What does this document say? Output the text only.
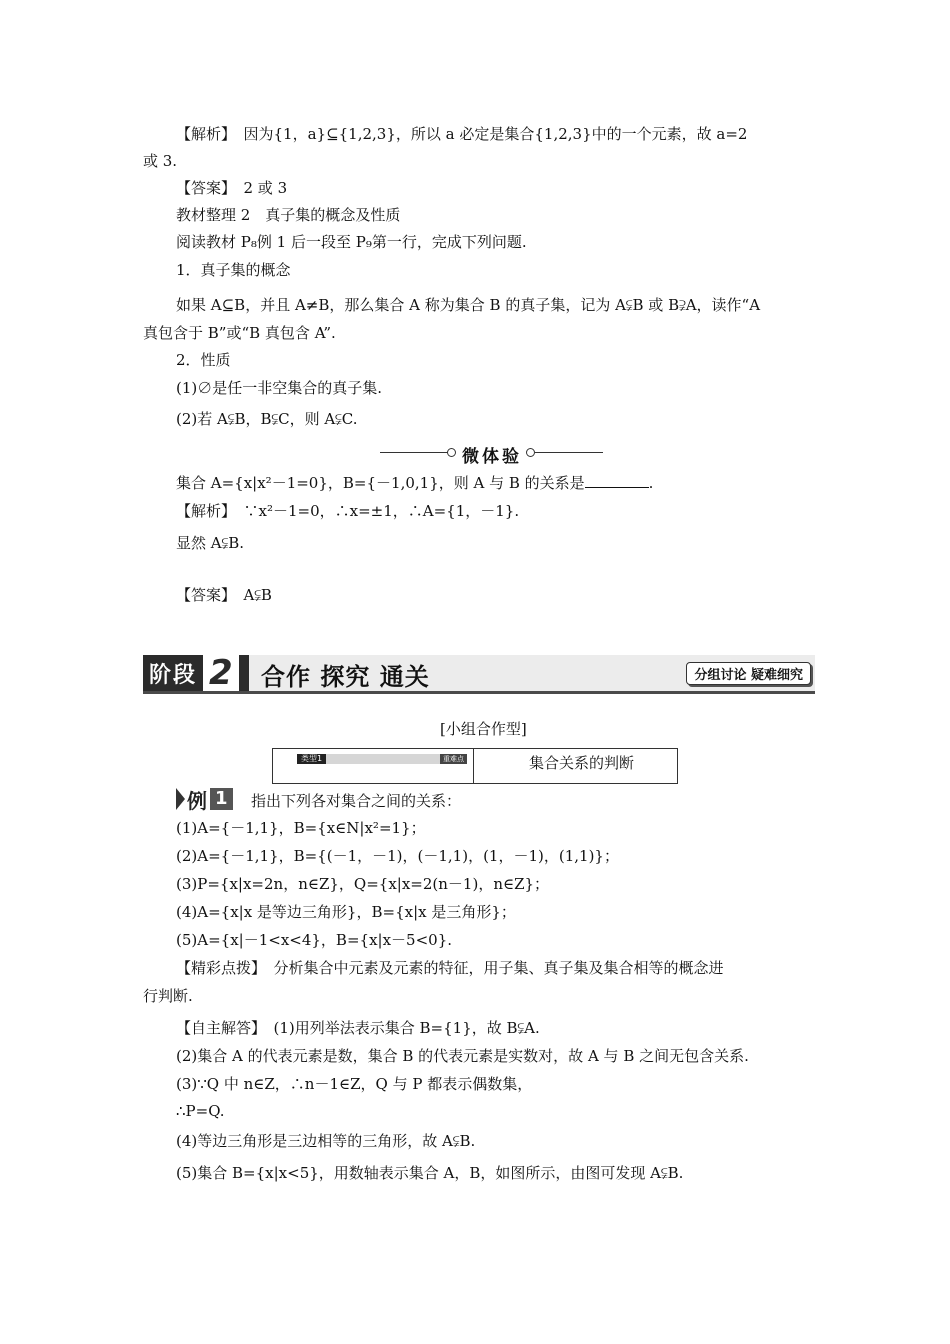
【解析】　因为{1，a}⊆{1,2,3}，所以 a 必定是集合{1,2,3}中的一个元素，故 a=2
或 3.
【答案】　2 或 3
教材整理 2　真子集的概念及性质
阅读教材 P₈例 1 后一段至 P₉第一行，完成下列问题.
1．真子集的概念
如果 A⊆B，并且 A≠B，那么集合 A 称为集合 B 的真子集，记为 A⫋B 或 B⫌A，读作“A
真包含于 B”或“B 真包含 A”.
2．性质
(1)∅是任一非空集合的真子集.
(2)若 A⫋B，B⫋C，则 A⫋C.
集合 A={x|x²－1=0}，B={－1,0,1}，则 A 与 B 的关系是	.
【解析】　∵x²－1=0，∴x=±1，∴A={1，－1}.
显然 A⫋B.
【答案】　A⫋B
[小组合作型]
指出下列各对集合之间的关系：
(1)A={－1,1}，B={x∈N|x²=1}；
(2)A={－1,1}，B={(－1，－1)，(－1,1)，(1，－1)，(1,1)}；
(3)P={x|x=2n，n∈Z}，Q={x|x=2(n－1)，n∈Z}；
(4)A={x|x 是等边三角形}，B={x|x 是三角形}；
(5)A={x|－1<x<4}，B={x|x－5<0}.
【精彩点拨】　分析集合中元素及元素的特征，用子集、真子集及集合相等的概念进
行判断.
【自主解答】　(1)用列举法表示集合 B={1}，故 B⫋A.
(2)集合 A 的代表元素是数，集合 B 的代表元素是实数对，故 A 与 B 之间无包含关系.
(3)∵Q 中 n∈Z，∴n－1∈Z，Q 与 P 都表示偶数集，
∴P=Q.
(4)等边三角形是三边相等的三角形，故 A⫋B.
(5)集合 B={x|x<5}，用数轴表示集合 A，B，如图所示，由图可发现 A⫋B.
微体验
阶段 2 合作 探究 通关	分组讨论 疑难细究
类型1	重难点	集合关系的判断
例 1
